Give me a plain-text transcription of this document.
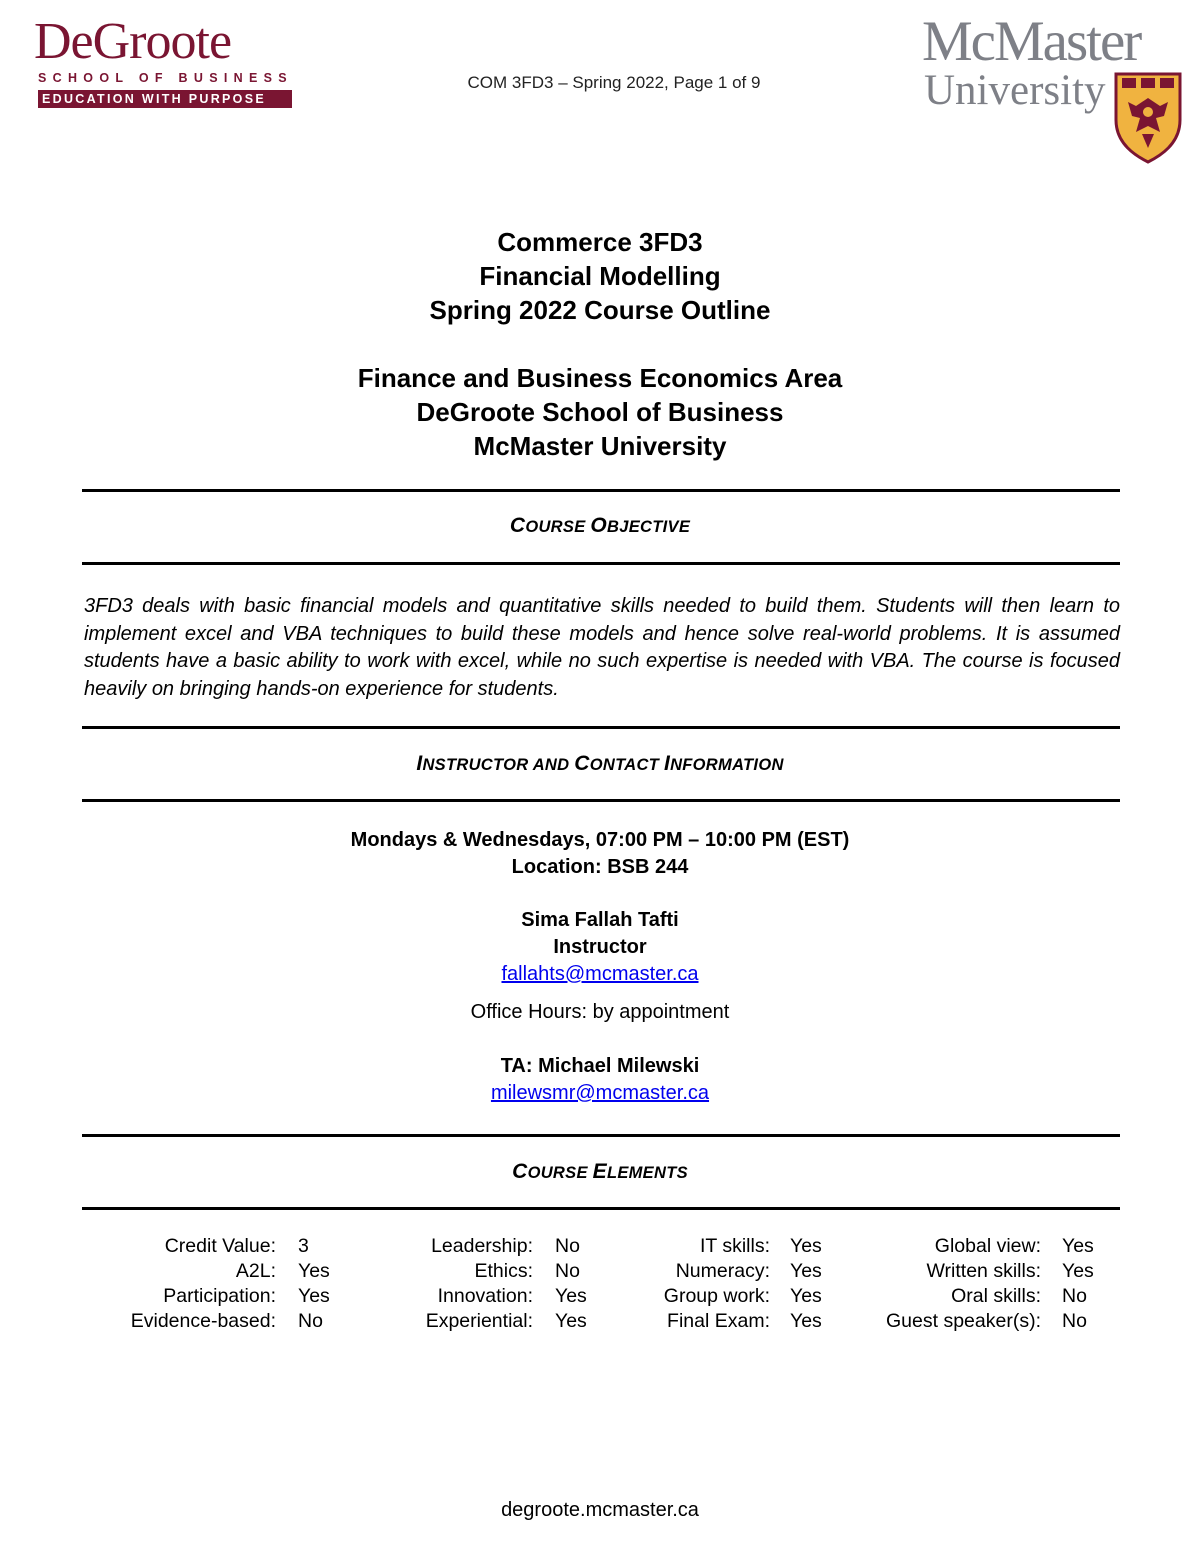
DeGroote
SCHOOL OF BUSINESS
EDUCATION WITH PURPOSE
COM 3FD3 – Spring 2022, Page 1 of 9
McMaster
University
Commerce 3FD3
Financial Modelling
Spring 2022 Course Outline
Finance and Business Economics Area
DeGroote School of Business
McMaster University
COURSE OBJECTIVE
3FD3 deals with basic financial models and quantitative skills needed to build them. Students will then learn to implement excel and VBA techniques to build these models and hence solve real-world problems. It is assumed students have a basic ability to work with excel, while no such expertise is needed with VBA. The course is focused heavily on bringing hands-on experience for students.
INSTRUCTOR AND CONTACT INFORMATION
Mondays & Wednesdays, 07:00 PM – 10:00 PM (EST)
Location: BSB 244
Sima Fallah Tafti
Instructor
fallahts@mcmaster.ca
Office Hours: by appointment
TA: Michael Milewski
milewsmr@mcmaster.ca
COURSE ELEMENTS
Credit Value: 3
A2L: Yes
Participation: Yes
Evidence-based: No
Leadership: No
Ethics: No
Innovation: Yes
Experiential: Yes
IT skills: Yes
Numeracy: Yes
Group work: Yes
Final Exam: Yes
Global view: Yes
Written skills: Yes
Oral skills: No
Guest speaker(s): No
degroote.mcmaster.ca
